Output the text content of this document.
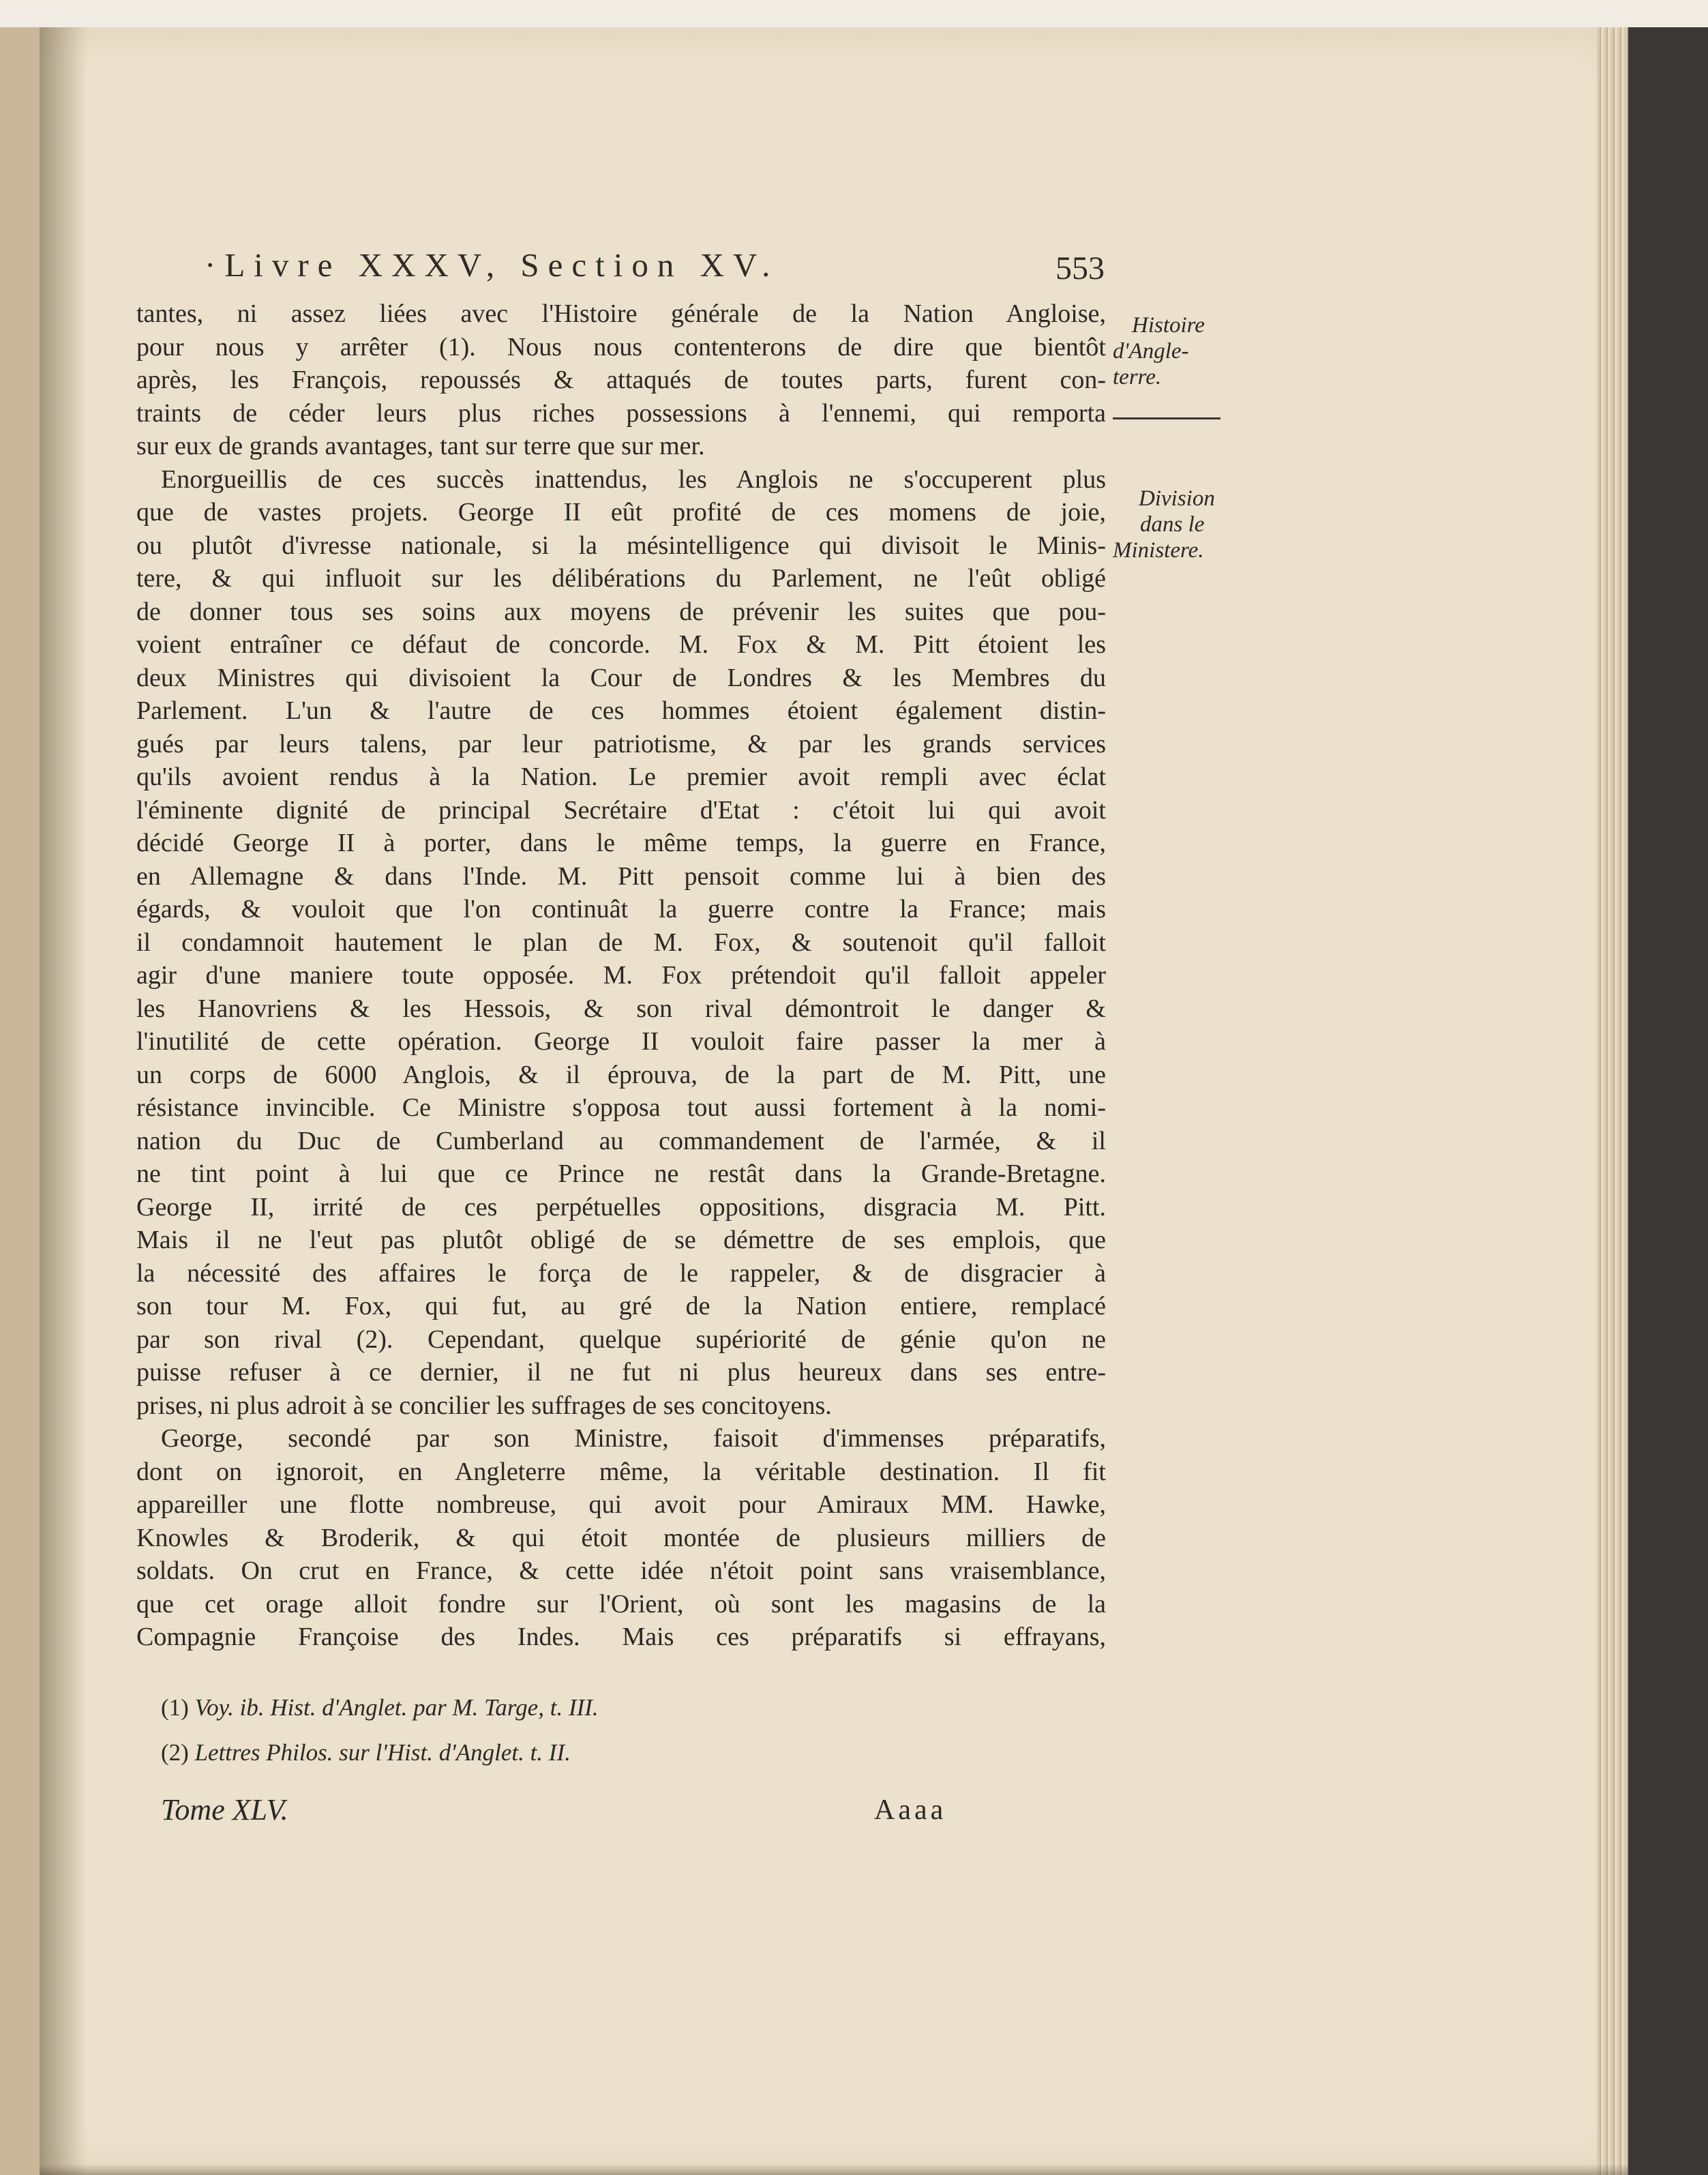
·Livre XXXV, Section XV.	553
tantes, ni assez liées avec l'Histoire générale de la Nation Angloise,
pour nous y arrêter (1). Nous nous contenterons de dire que bientôt
après, les François, repoussés & attaqués de toutes parts, furent con-
traints de céder leurs plus riches possessions à l'ennemi, qui remporta
sur eux de grands avantages, tant sur terre que sur mer.
Enorgueillis de ces succès inattendus, les Anglois ne s'occuperent plus
que de vastes projets. George II eût profité de ces momens de joie,
ou plutôt d'ivresse nationale, si la mésintelligence qui divisoit le Minis-
tere, & qui influoit sur les délibérations du Parlement, ne l'eût obligé
de donner tous ses soins aux moyens de prévenir les suites que pou-
voient entraîner ce défaut de concorde. M. Fox & M. Pitt étoient les
deux Ministres qui divisoient la Cour de Londres & les Membres du
Parlement. L'un & l'autre de ces hommes étoient également distin-
gués par leurs talens, par leur patriotisme, & par les grands services
qu'ils avoient rendus à la Nation. Le premier avoit rempli avec éclat
l'éminente dignité de principal Secrétaire d'Etat : c'étoit lui qui avoit
décidé George II à porter, dans le même temps, la guerre en France,
en Allemagne & dans l'Inde. M. Pitt pensoit comme lui à bien des
égards, & vouloit que l'on continuât la guerre contre la France; mais
il condamnoit hautement le plan de M. Fox, & soutenoit qu'il falloit
agir d'une maniere toute opposée. M. Fox prétendoit qu'il falloit appeler
les Hanovriens & les Hessois, & son rival démontroit le danger &
l'inutilité de cette opération. George II vouloit faire passer la mer à
un corps de 6000 Anglois, & il éprouva, de la part de M. Pitt, une
résistance invincible. Ce Ministre s'opposa tout aussi fortement à la nomi-
nation du Duc de Cumberland au commandement de l'armée, & il
ne tint point à lui que ce Prince ne restât dans la Grande-Bretagne.
George II, irrité de ces perpétuelles oppositions, disgracia M. Pitt.
Mais il ne l'eut pas plutôt obligé de se démettre de ses emplois, que
la nécessité des affaires le força de le rappeler, & de disgracier à
son tour M. Fox, qui fut, au gré de la Nation entiere, remplacé
par son rival (2). Cependant, quelque supériorité de génie qu'on ne
puisse refuser à ce dernier, il ne fut ni plus heureux dans ses entre-
prises, ni plus adroit à se concilier les suffrages de ses concitoyens.
George, secondé par son Ministre, faisoit d'immenses préparatifs,
dont on ignoroit, en Angleterre même, la véritable destination. Il fit
appareiller une flotte nombreuse, qui avoit pour Amiraux MM. Hawke,
Knowles & Broderik, & qui étoit montée de plusieurs milliers de
soldats. On crut en France, & cette idée n'étoit point sans vraisemblance,
que cet orage alloit fondre sur l'Orient, où sont les magasins de la
Compagnie Françoise des Indes. Mais ces préparatifs si effrayans,
Histoire
d'Angle-
terre.
Division
dans le
Ministere.
(1) Voy. ib. Hist. d'Anglet. par M. Targe, t. III.
(2) Lettres Philos. sur l'Hist. d'Anglet. t. II.
Tome XLV.	Aaaa
